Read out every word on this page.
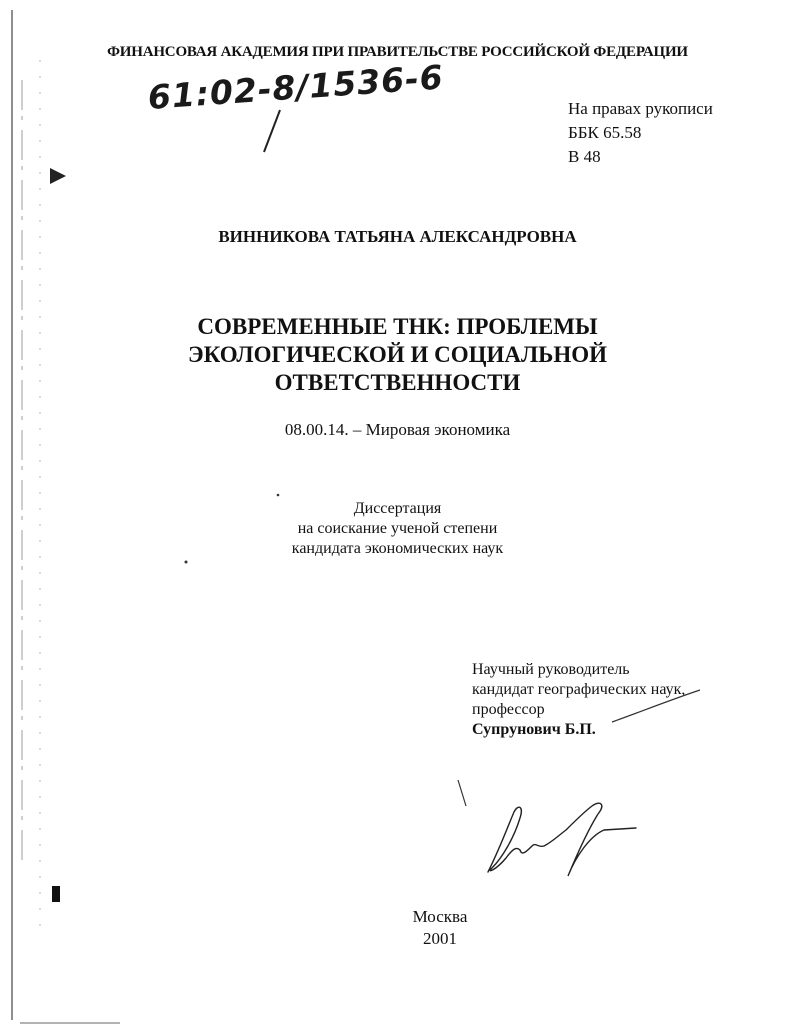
ФИНАНСОВАЯ АКАДЕМИЯ ПРИ ПРАВИТЕЛЬСТВЕ РОССИЙСКОЙ ФЕДЕРАЦИИ

61:02-8/1536-6	На правах рукописи
ББК 65.58
В 48

ВИННИКОВА ТАТЬЯНА АЛЕКСАНДРОВНА

СОВРЕМЕННЫЕ ТНК: ПРОБЛЕМЫ
ЭКОЛОГИЧЕСКОЙ И СОЦИАЛЬНОЙ
ОТВЕТСТВЕННОСТИ

08.00.14. – Мировая экономика

Диссертация
на соискание ученой степени
кандидата экономических наук
Научный руководитель
кандидат географических наук,
профессор
Супрунович Б.П.
Москва
2001
